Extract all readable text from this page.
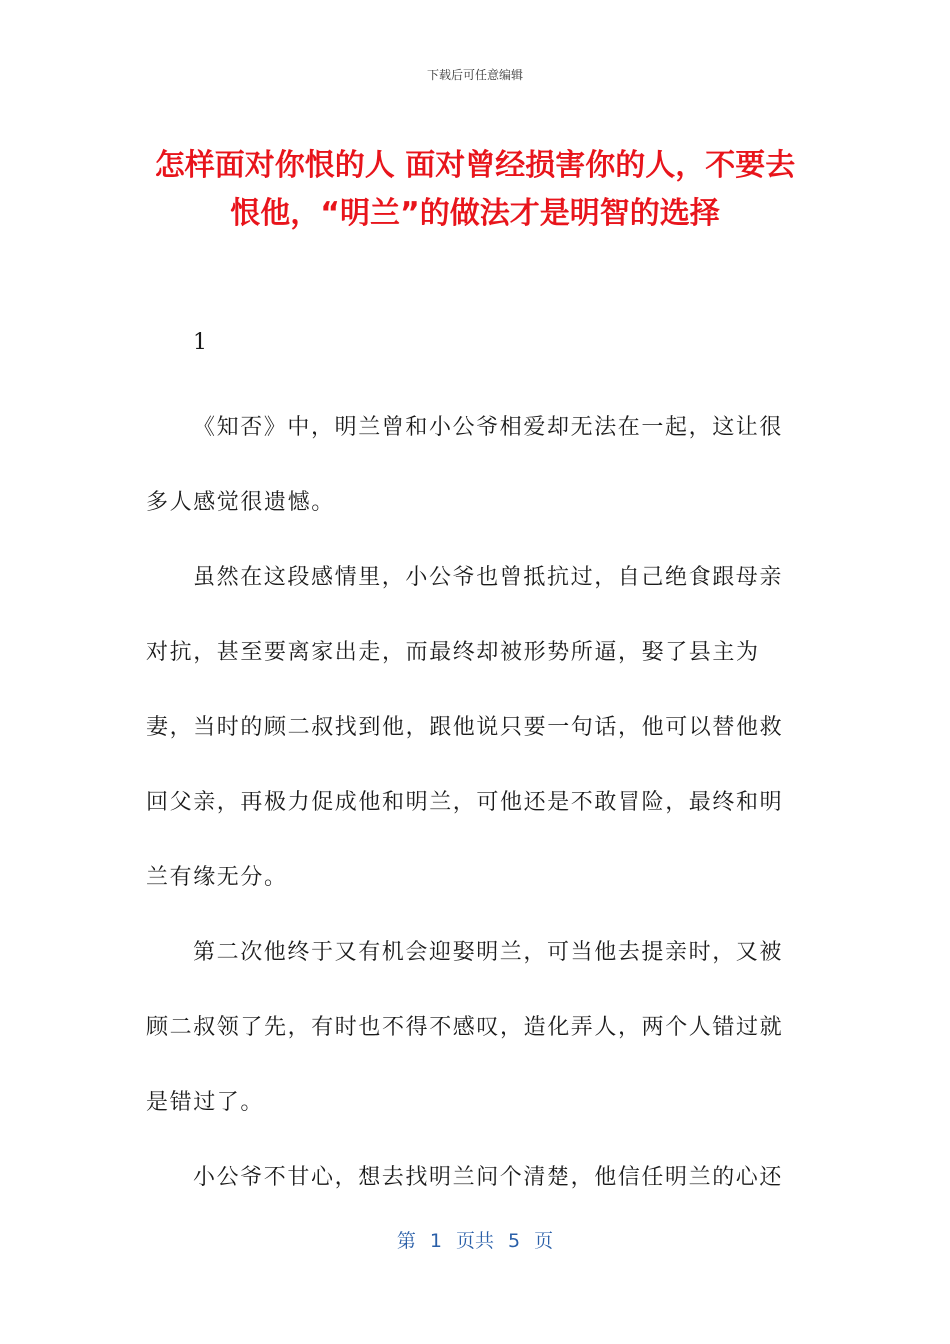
下载后可任意编辑
怎样面对你恨的人 面对曾经损害你的人，不要去恨他，“明兰”的做法才是明智的选择
1

《知否》中，明兰曾和小公爷相爱却无法在一起，这让很多人感觉很遗憾。

虽然在这段感情里，小公爷也曾抵抗过，自己绝食跟母亲对抗，甚至要离家出走，而最终却被形势所逼，娶了县主为妻，当时的顾二叔找到他，跟他说只要一句话，他可以替他救回父亲，再极力促成他和明兰，可他还是不敢冒险，最终和明兰有缘无分。

第二次他终于又有机会迎娶明兰，可当他去提亲时，又被顾二叔领了先，有时也不得不感叹，造化弄人，两个人错过就是错过了。

小公爷不甘心，想去找明兰问个清楚，他信任明兰的心还

第 1 页共 5 页
